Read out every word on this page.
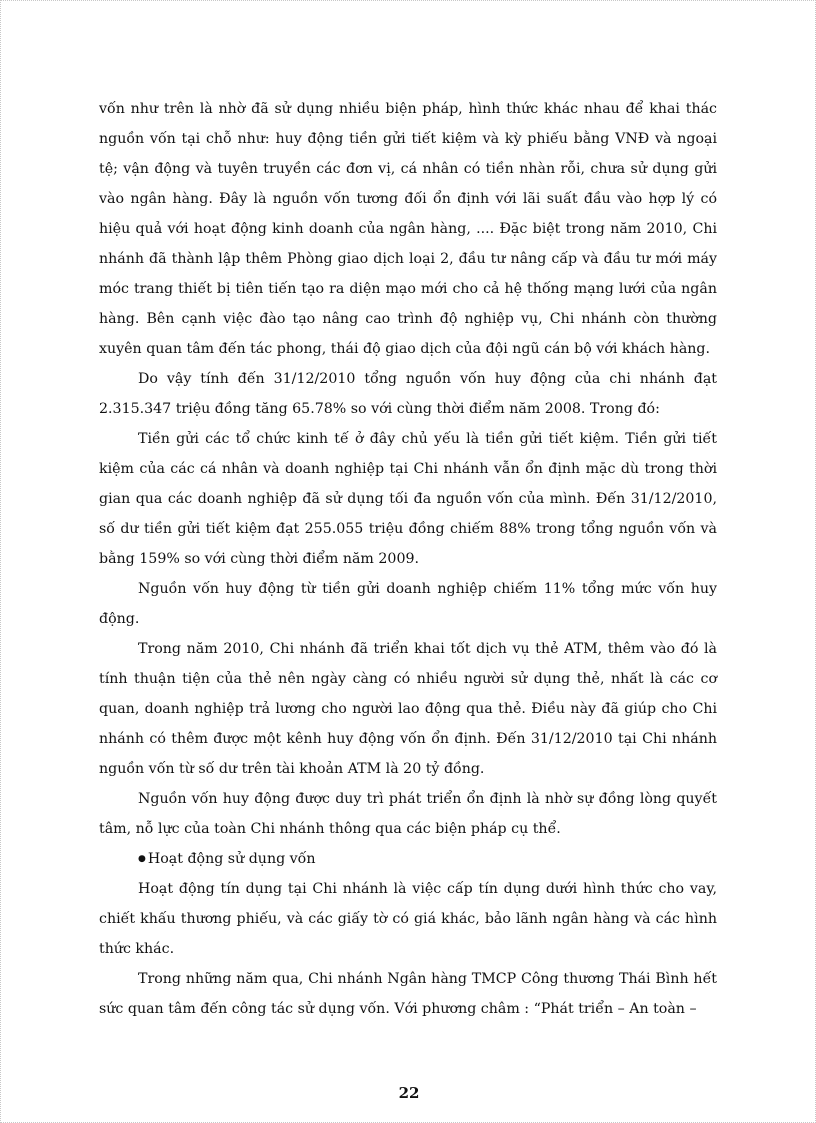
vốn như trên là nhờ đã sử dụng nhiều biện pháp, hình thức khác nhau để khai thác nguồn vốn tại chỗ như: huy động tiền gửi tiết kiệm và kỳ phiếu bằng VNĐ và ngoại tệ; vận động và tuyên truyền các đơn vị, cá nhân có tiền nhàn rỗi, chưa sử dụng gửi vào ngân hàng. Đây là nguồn vốn tương đối ổn định với lãi suất đầu vào hợp lý có hiệu quả với hoạt động kinh doanh của ngân hàng, .... Đặc biệt trong năm 2010, Chi nhánh đã thành lập thêm Phòng giao dịch loại 2, đầu tư nâng cấp và đầu tư mới máy móc trang thiết bị tiên tiến tạo ra diện mạo mới cho cả hệ thống mạng lưới của ngân hàng. Bên cạnh việc đào tạo nâng cao trình độ nghiệp vụ, Chi nhánh còn thường xuyên quan tâm đến tác phong, thái độ giao dịch của đội ngũ cán bộ với khách hàng.

Do vậy tính đến 31/12/2010 tổng nguồn vốn huy động của chi nhánh đạt 2.315.347 triệu đồng tăng 65.78% so với cùng thời điểm năm 2008. Trong đó:

Tiền gửi các tổ chức kinh tế ở đây chủ yếu là tiền gửi tiết kiệm. Tiền gửi tiết kiệm của các cá nhân và doanh nghiệp tại Chi nhánh vẫn ổn định mặc dù trong thời gian qua các doanh nghiệp đã sử dụng tối đa nguồn vốn của mình. Đến 31/12/2010, số dư tiền gửi tiết kiệm đạt 255.055 triệu đồng chiếm 88% trong tổng nguồn vốn và bằng 159% so với cùng thời điểm năm 2009.

Nguồn vốn huy động từ tiền gửi doanh nghiệp chiếm 11% tổng mức vốn huy động.

Trong năm 2010, Chi nhánh đã triển khai tốt dịch vụ thẻ ATM, thêm vào đó là tính thuận tiện của thẻ nên ngày càng có nhiều người sử dụng thẻ, nhất là các cơ quan, doanh nghiệp trả lương cho người lao động qua thẻ. Điều này đã giúp cho Chi nhánh có thêm được một kênh huy động vốn ổn định. Đến 31/12/2010 tại Chi nhánh nguồn vốn từ số dư trên tài khoản ATM là 20 tỷ đồng.

Nguồn vốn huy động được duy trì phát triển ổn định là nhờ sự đồng lòng quyết tâm, nỗ lực của toàn Chi nhánh thông qua các biện pháp cụ thể.

● Hoạt động sử dụng vốn

Hoạt động tín dụng tại Chi nhánh là việc cấp tín dụng dưới hình thức cho vay, chiết khấu thương phiếu, và các giấy tờ có giá khác, bảo lãnh ngân hàng và các hình thức khác.

Trong những năm qua, Chi nhánh Ngân hàng TMCP Công thương Thái Bình hết sức quan tâm đến công tác sử dụng vốn. Với phương châm : “Phát triển – An toàn –

22
